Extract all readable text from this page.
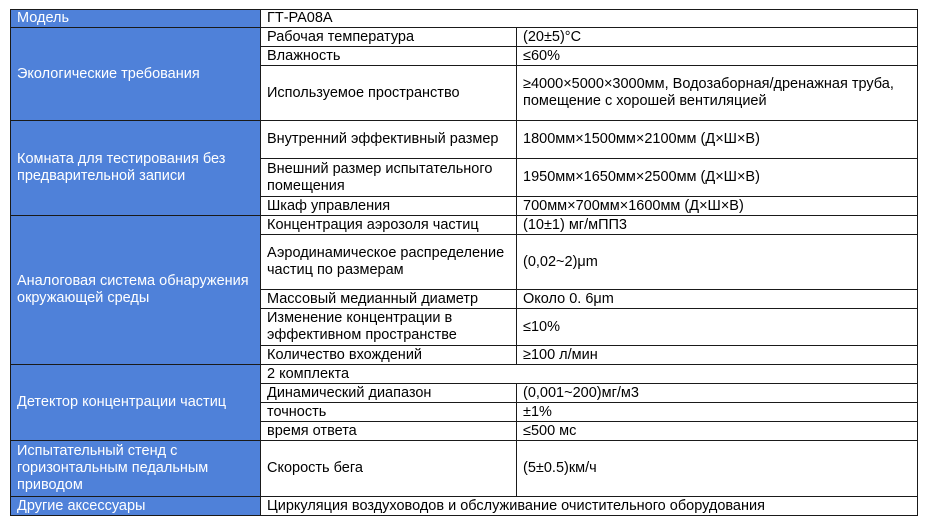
Модель	ГТ-PA08A	
Экологические требования	Рабочая температура	(20±5)°C
	Влажность	≤60%
	Используемое пространство	≥4000×5000×3000мм, Водозаборная/дренажная труба, помещение с хорошей вентиляцией
Комната для тестирования без предварительной записи	Внутренний эффективный размер	1800мм×1500мм×2100мм (Д×Ш×В)
	Внешний размер испытательного помещения	1950мм×1650мм×2500мм (Д×Ш×В)
	Шкаф управления	700мм×700мм×1600мм (Д×Ш×В)
Аналоговая система обнаружения окружающей среды	Концентрация аэрозоля частиц	(10±1) мг/мПП3
	Аэродинамическое распределение частиц по размерам	(0,02~2)μm
	Массовый медианный диаметр	Около 0. 6μm
	Изменение концентрации в эффективном пространстве	≤10%
	Количество вхождений	≥100 л/мин
Детектор концентрации частиц	2 комплекта	
	Динамический диапазон	(0,001~200)мг/м3
	точность	±1%
	время ответа	≤500 мс
Испытательный стенд с горизонтальным педальным приводом	Скорость бега	(5±0.5)км/ч
Другие аксессуары	Циркуляция воздуховодов и обслуживание очистительного оборудования	
